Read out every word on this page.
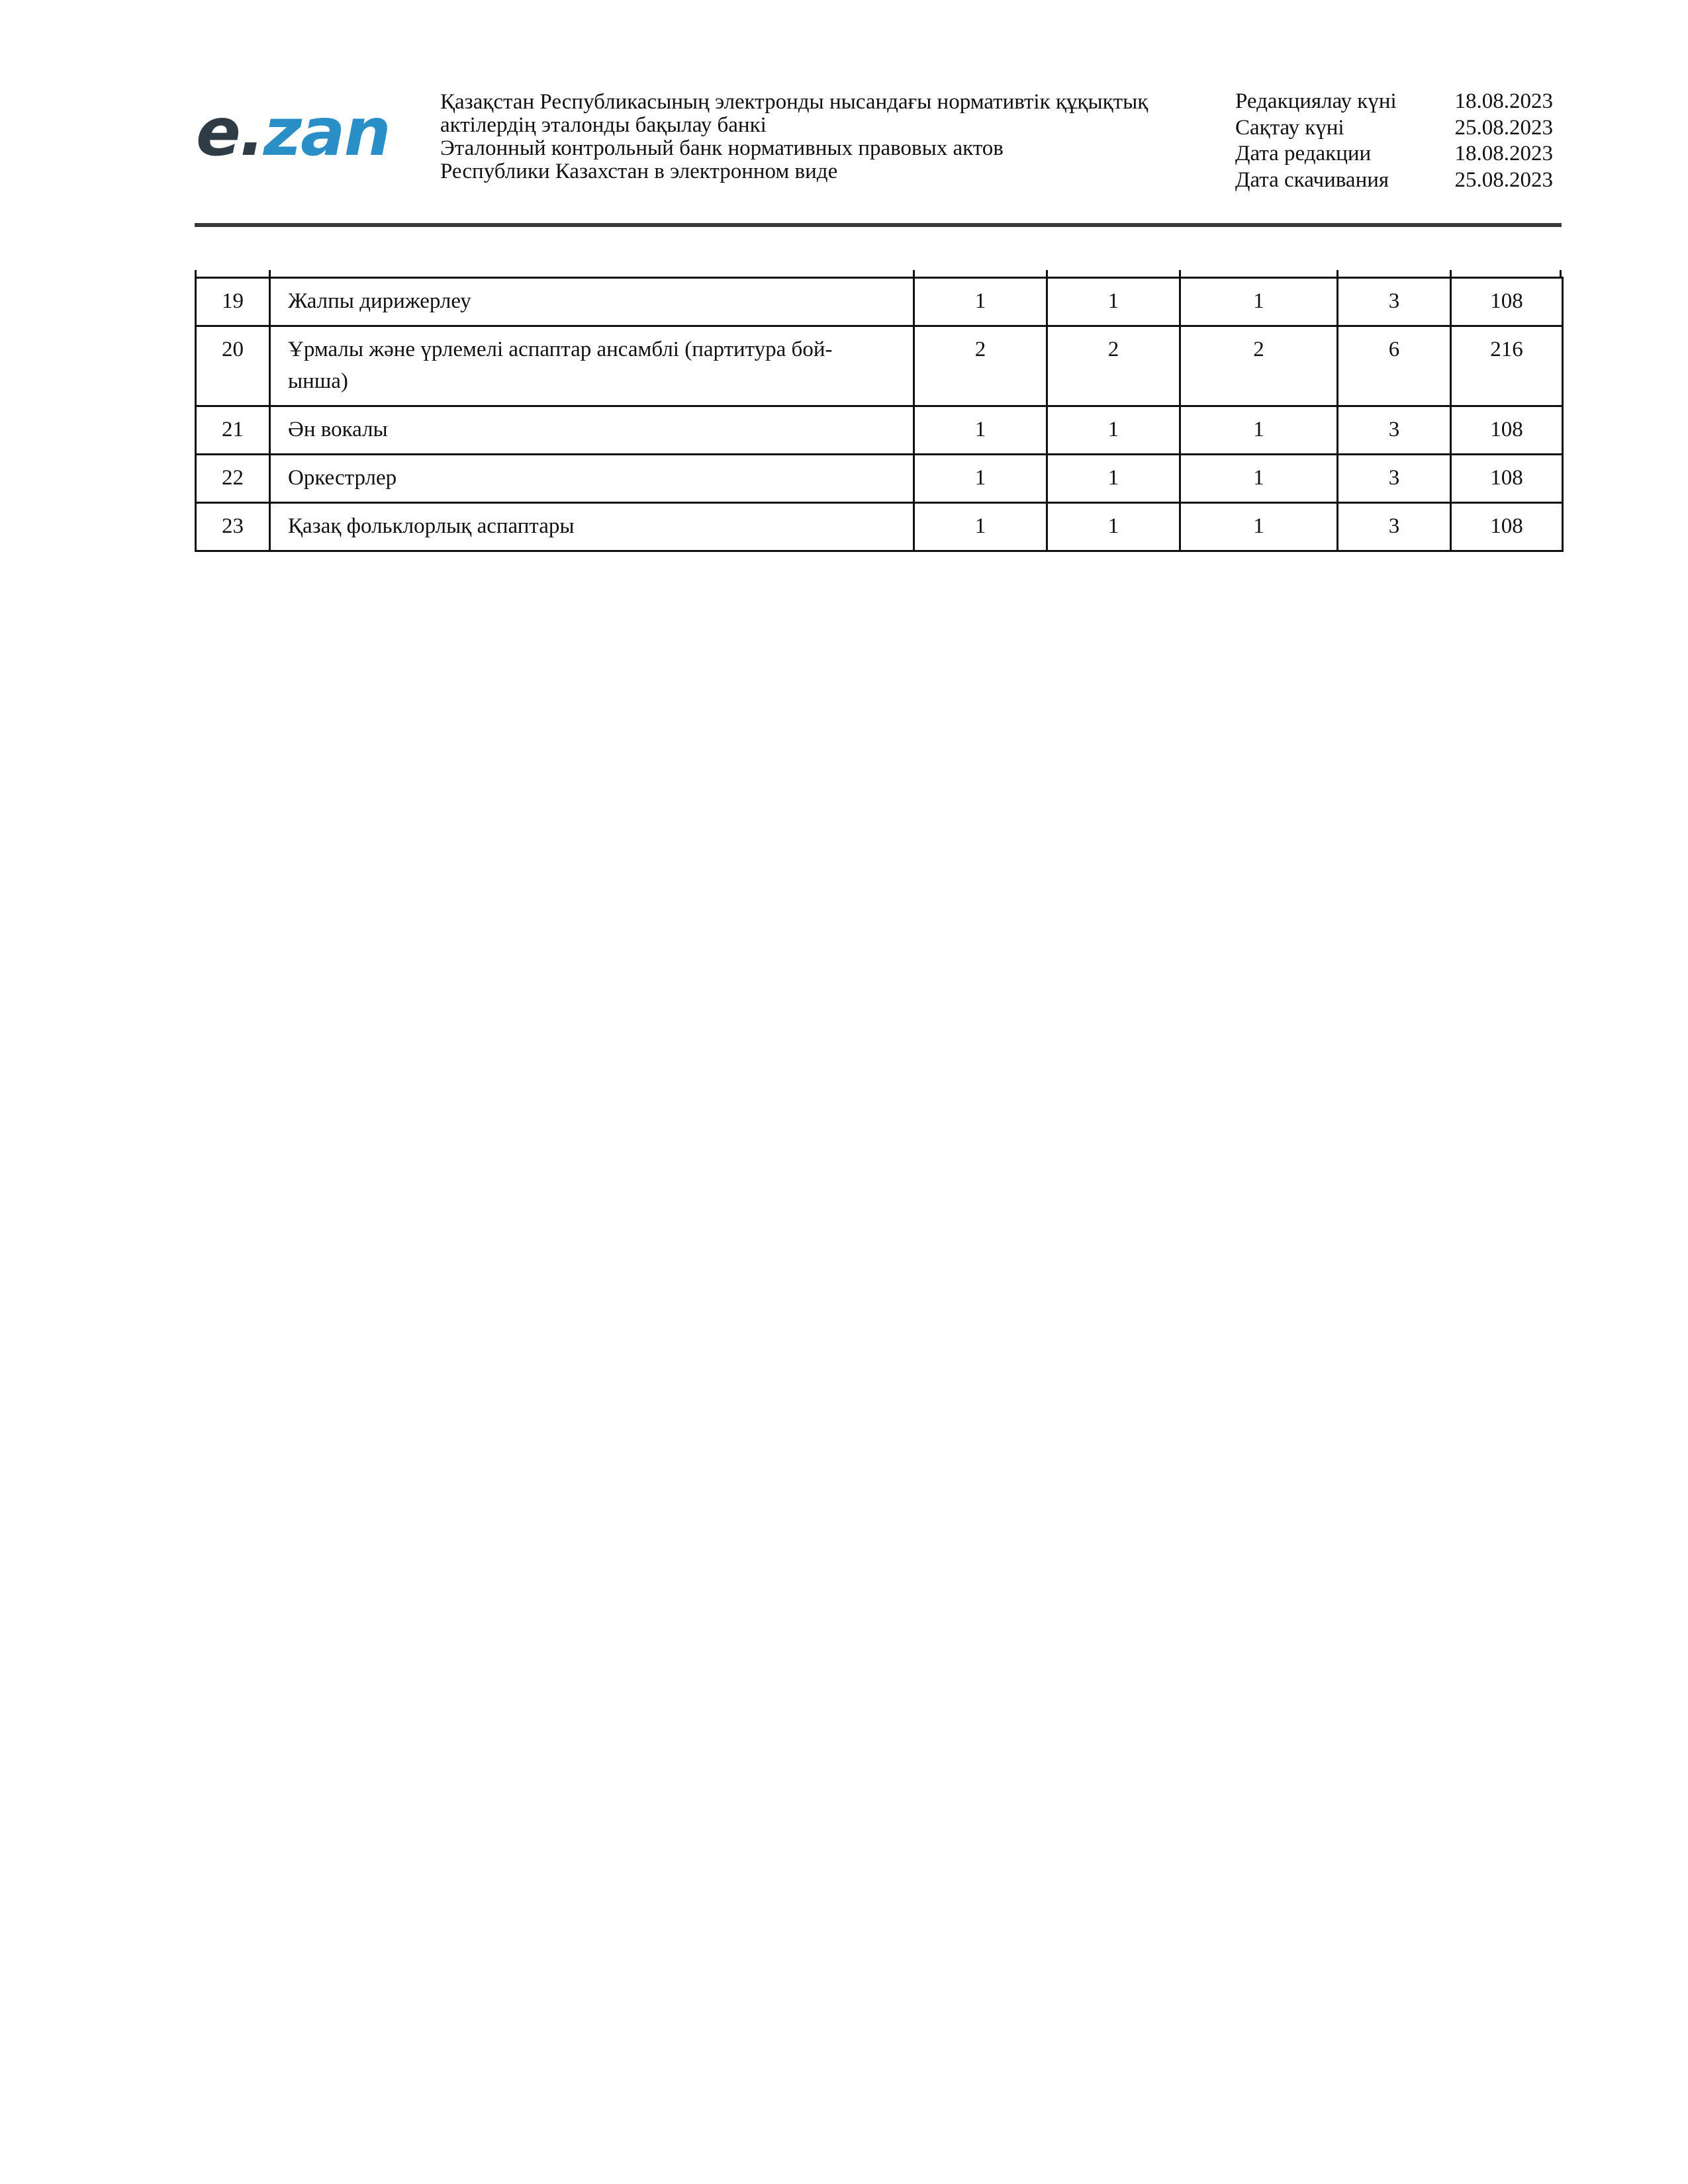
e.zan Қазақстан Республикасының электронды нысандағы нормативтік құқықтық
актілердің эталонды бақылау банкі
Эталонный контрольный банк нормативных правовых актов
Республики Казахстан в электронном виде
Редакциялау күні	18.08.2023
Сақтау күні	25.08.2023
Дата редакции	18.08.2023
Дата скачивания	25.08.2023
19	Жалпы дирижерлеу	1	1	1	3	108
20	Ұрмалы және үрлемелі аспаптар ансамблі (партитура бой-
ынша)	2	2	2	6	216
21	Ән вокалы	1	1	1	3	108
22	Оркестрлер	1	1	1	3	108
23	Қазақ фольклорлық аспаптары	1	1	1	3	108
